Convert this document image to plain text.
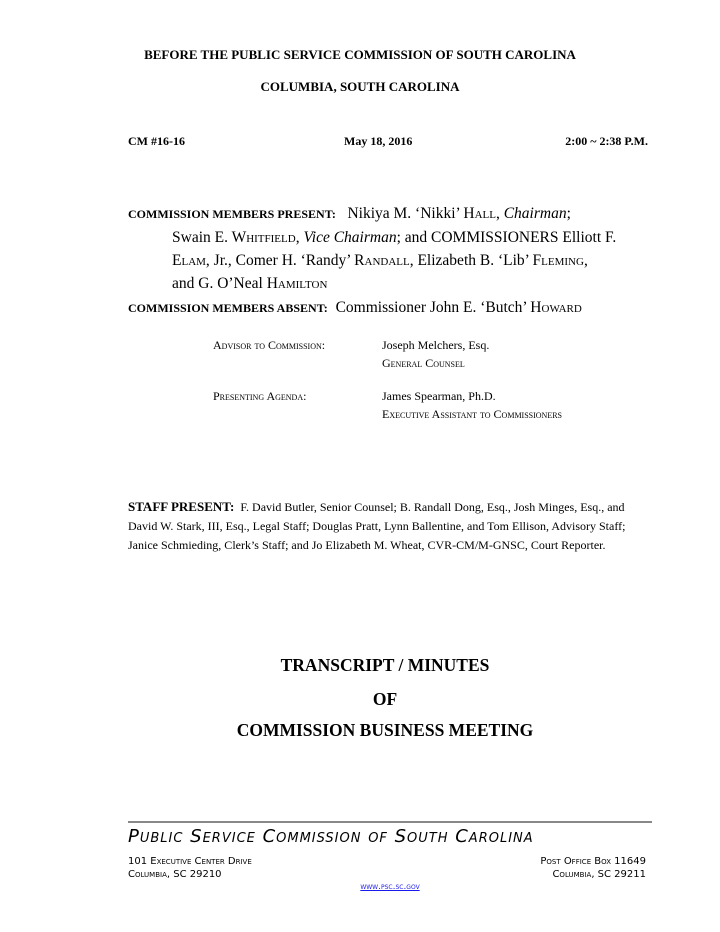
BEFORE THE PUBLIC SERVICE COMMISSION OF SOUTH CAROLINA
COLUMBIA, SOUTH CAROLINA
CM #16-16	May 18, 2016	2:00 ~ 2:38 P.M.
COMMISSION MEMBERS PRESENT: Nikiya M. ‘Nikki’ Hall, Chairman;
Swain E. Whitfield, Vice Chairman; and COMMISSIONERS Elliott F.
Elam, Jr., Comer H. ‘Randy’ Randall, Elizabeth B. ‘Lib’ Fleming,
and G. O’Neal Hamilton
COMMISSION MEMBERS ABSENT: Commissioner John E. ‘Butch’ Howard
Advisor to Commission:	Joseph Melchers, Esq.
General Counsel
Presenting Agenda:	James Spearman, Ph.D.
Executive Assistant to Commissioners
STAFF PRESENT: F. David Butler, Senior Counsel; B. Randall Dong, Esq., Josh Minges, Esq., and David W. Stark, III, Esq., Legal Staff; Douglas Pratt, Lynn Ballentine, and Tom Ellison, Advisory Staff; Janice Schmieding, Clerk’s Staff; and Jo Elizabeth M. Wheat, CVR-CM/M-GNSC, Court Reporter.
TRANSCRIPT / MINUTES
OF
COMMISSION BUSINESS MEETING
Public Service Commission of South Carolina
101 Executive Center Drive
Columbia, SC 29210
Post Office Box 11649
Columbia, SC 29211
www.psc.sc.gov
